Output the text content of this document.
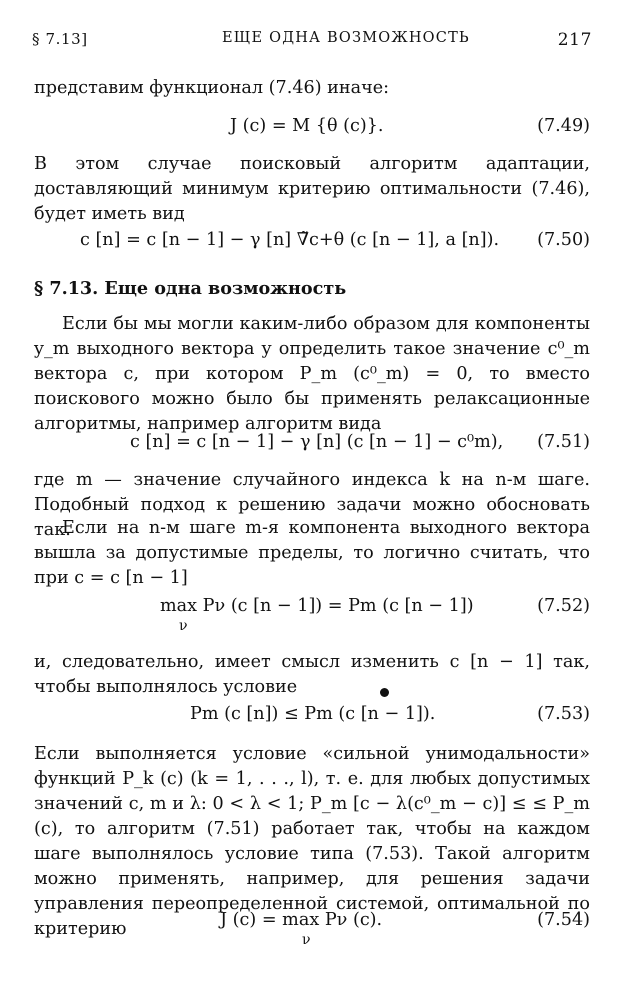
§ 7.13]	ЕЩЕ ОДНА ВОЗМОЖНОСТЬ	217
представим функционал (7.46) иначе:
J (c) = M {θ (c)}.	(7.49)
В этом случае поисковый алгоритм адаптации, доставляющий минимум критерию оптимальности (7.46), будет иметь вид
c [n] = c [n − 1] − γ [n] ∇̃c+θ (c [n − 1], a [n]). (7.50)
§ 7.13. Еще одна возможность
Если бы мы могли каким-либо образом для компоненты y_m выходного вектора y определить такое значение c⁰_m вектора c, при котором P_m (c⁰_m) = 0, то вместо поискового можно было бы применять релаксационные алгоритмы, например алгоритм вида
c [n] = c [n − 1] − γ [n] (c [n − 1] − c⁰m), (7.51)
где m — значение случайного индекса k на n-м шаге. Подобный подход к решению задачи можно обосновать так.
Если на n-м шаге m-я компонента выходного вектора вышла за допустимые пределы, то логично считать, что при c = c [n − 1]
max Pν (c [n − 1]) = Pm (c [n − 1])
ν
(7.52)
и, следовательно, имеет смысл изменить c [n − 1] так, чтобы выполнялось условие
Pm (c [n]) ≤ Pm (c [n − 1]).	(7.53)
Если выполняется условие «сильной унимодальности» функций P_k (c) (k = 1, . . ., l), т. е. для любых допустимых значений c, m и λ: 0 < λ < 1; P_m [c − λ(c⁰_m − c)] ≤ ≤ P_m (c), то алгоритм (7.51) работает так, чтобы на каждом шаге выполнялось условие типа (7.53). Такой алгоритм можно применять, например, для решения задачи управления переопределенной системой, оптимальной по критерию	J (c) = max Pν (c).
ν
(7.54)
